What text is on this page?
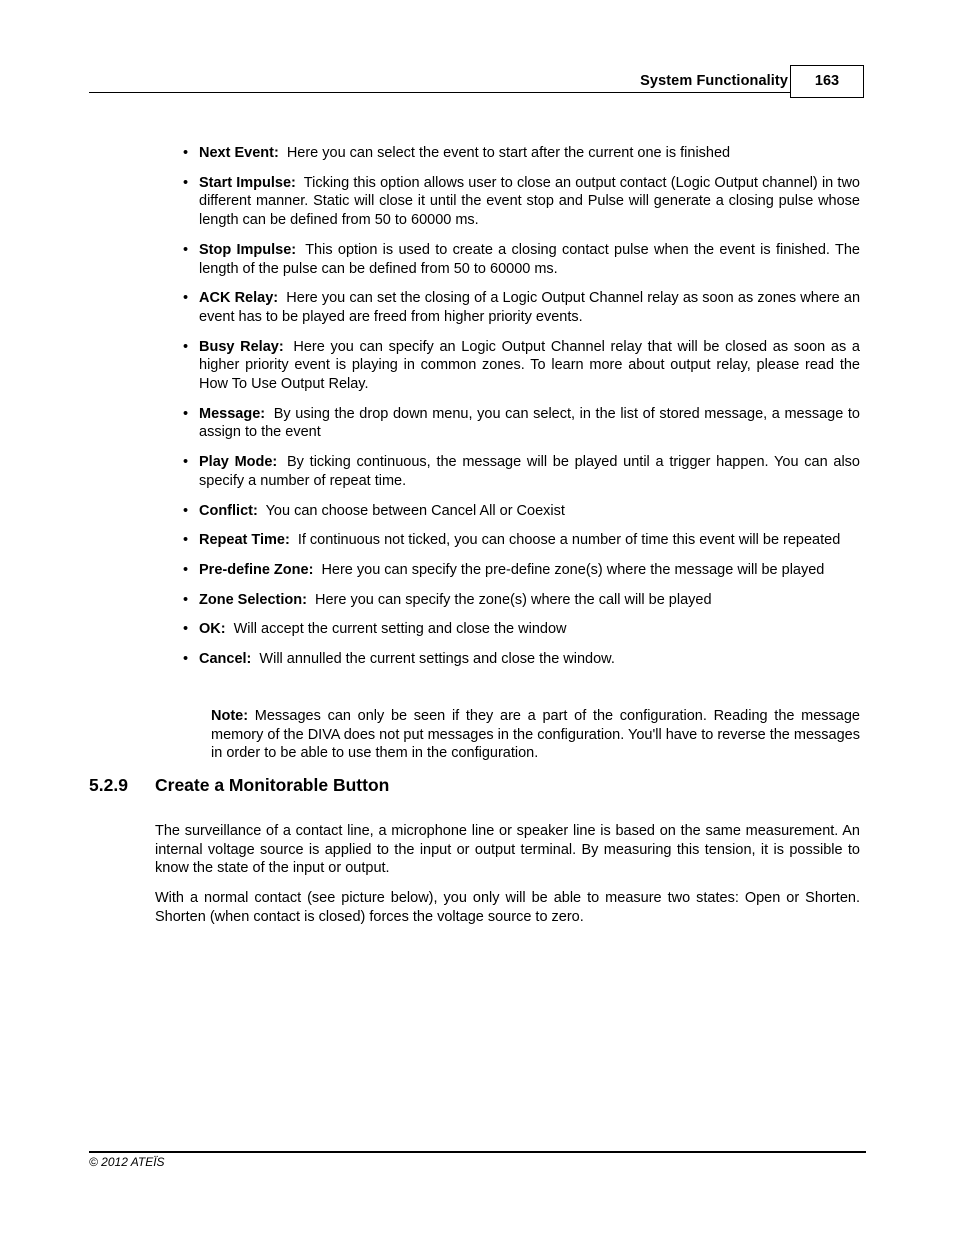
System Functionality	163
• Next Event: Here you can select the event to start after the current one is finished
• Start Impulse: Ticking this option allows user to close an output contact (Logic Output channel) in two different manner. Static will close it until the event stop and Pulse will generate a closing pulse whose length can be defined from 50 to 60000 ms.
• Stop Impulse: This option is used to create a closing contact pulse when the event is finished. The length of the pulse can be defined from 50 to 60000 ms.
• ACK Relay: Here you can set the closing of a Logic Output Channel relay as soon as zones where an event has to be played are freed from higher priority events.
• Busy Relay: Here you can specify an Logic Output Channel relay that will be closed as soon as a higher priority event is playing in common zones. To learn more about output relay, please read the How To Use Output Relay.
• Message: By using the drop down menu, you can select, in the list of stored message, a message to assign to the event
• Play Mode: By ticking continuous, the message will be played until a trigger happen. You can also specify a number of repeat time.
• Conflict: You can choose between Cancel All or Coexist
• Repeat Time: If continuous not ticked, you can choose a number of time this event will be repeated
• Pre-define Zone: Here you can specify the pre-define zone(s) where the message will be played
• Zone Selection: Here you can specify the zone(s) where the call will be played
• OK: Will accept the current setting and close the window
• Cancel: Will annulled the current settings and close the window.

Note: Messages can only be seen if they are a part of the configuration. Reading the message memory of the DIVA does not put messages in the configuration. You'll have to reverse the messages in order to be able to use them in the configuration.

5.2.9 Create a Monitorable Button

The surveillance of a contact line, a microphone line or speaker line is based on the same measurement. An internal voltage source is applied to the input or output terminal. By measuring this tension, it is possible to know the state of the input or output.

With a normal contact (see picture below), you only will be able to measure two states: Open or Shorten. Shorten (when contact is closed) forces the voltage source to zero.

© 2012 ATEÏS
